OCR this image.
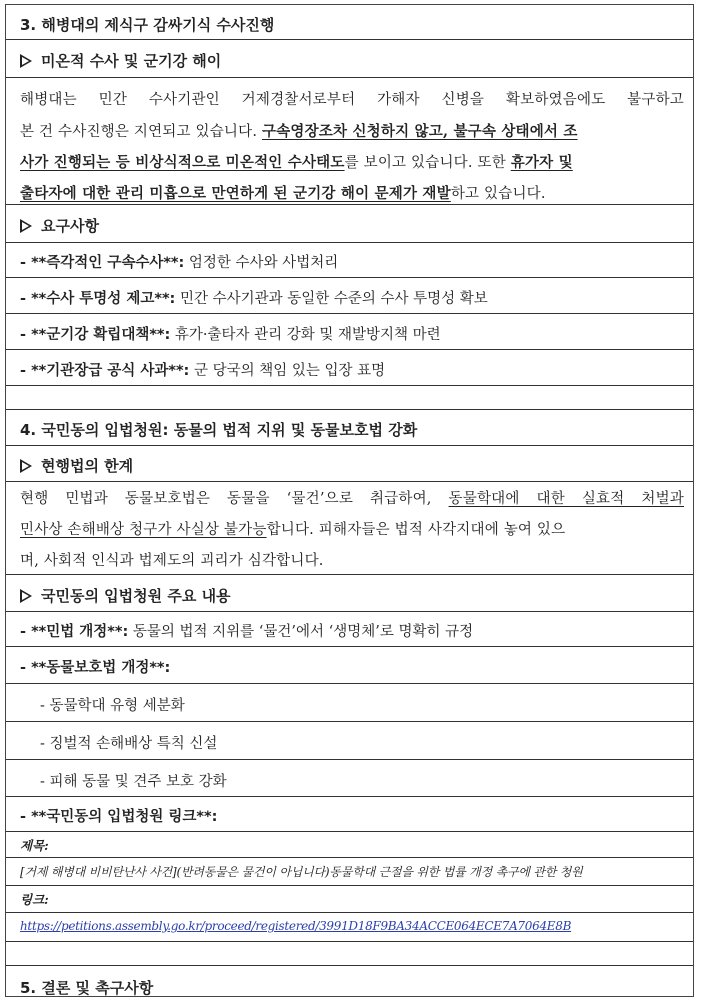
3. 해병대의 제식구 감싸기식 수사진행
미온적 수사 및 군기강 해이
해병대는 민간 수사기관인 거제경찰서로부터 가해자 신병을 확보하였음에도 불구하고
본 건 수사진행은 지연되고 있습니다. 구속영장조차 신청하지 않고, 불구속 상태에서 조
사가 진행되는 등 비상식적으로 미온적인 수사태도를 보이고 있습니다. 또한 휴가자 및
출타자에 대한 관리 미흡으로 만연하게 된 군기강 해이 문제가 재발하고 있습니다.
요구사항
- **즉각적인 구속수사**: 엄정한 수사와 사법처리
- **수사 투명성 제고**: 민간 수사기관과 동일한 수준의 수사 투명성 확보
- **군기강 확립대책**: 휴가·출타자 관리 강화 및 재발방지책 마련
- **기관장급 공식 사과**: 군 당국의 책임 있는 입장 표명
4. 국민동의 입법청원: 동물의 법적 지위 및 동물보호법 강화
현행법의 한계
현행 민법과 동물보호법은 동물을 ‘물건’으로 취급하여, 동물학대에 대한 실효적 처벌과
민사상 손해배상 청구가 사실상 불가능합니다. 피해자들은 법적 사각지대에 놓여 있으
며, 사회적 인식과 법제도의 괴리가 심각합니다.
국민동의 입법청원 주요 내용
- **민법 개정**: 동물의 법적 지위를 ‘물건’에서 ‘생명체’로 명확히 규정
- **동물보호법 개정**:
- 동물학대 유형 세분화
- 징벌적 손해배상 특칙 신설
- 피해 동물 및 견주 보호 강화
- **국민동의 입법청원 링크**:
제목:
[거제 해병대 비비탄난사 사건](반려동물은 물건이 아닙니다)동물학대 근절을 위한 법률 개정 촉구에 관한 청원
링크:
https://petitions.assembly.go.kr/proceed/registered/3991D18F9BA34ACCE064ECE7A7064E8B
5. 결론 및 촉구사항
